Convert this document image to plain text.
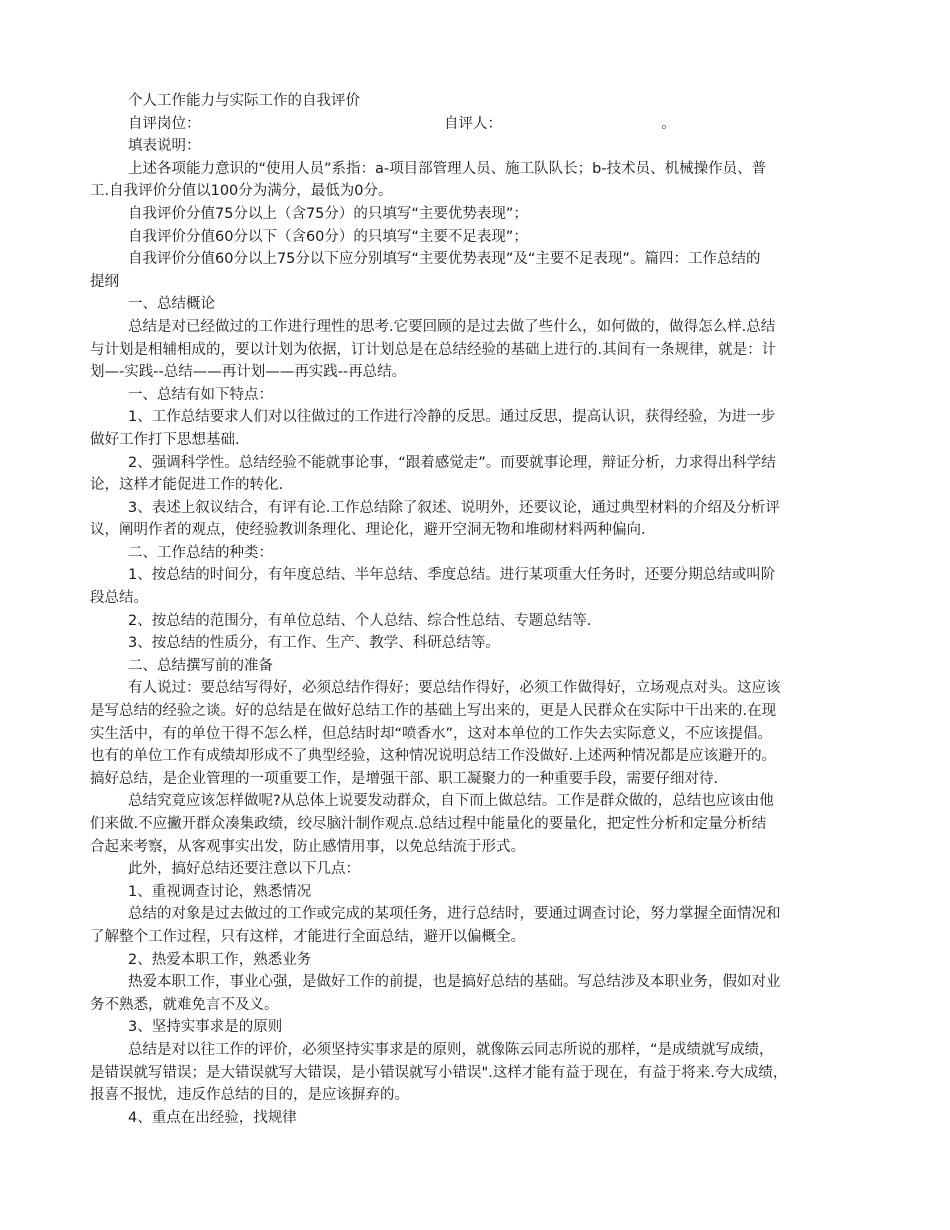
个人工作能力与实际工作的自我评价
自评岗位：	自评人：	。
填表说明：
上述各项能力意识的“使用人员”系指：a-项目部管理人员、施工队队长；b-技术员、机械操作员、普
工.自我评价分值以100分为满分，最低为0分。
自我评价分值75分以上（含75分）的只填写“主要优势表现”；
自我评价分值60分以下（含60分）的只填写“主要不足表现”；
自我评价分值60分以上75分以下应分别填写“主要优势表现”及“主要不足表现”。篇四：工作总结的
提纲
一、总结概论
总结是对已经做过的工作进行理性的思考.它要回顾的是过去做了些什么，如何做的，做得怎么样.总结
与计划是相辅相成的，要以计划为依据，订计划总是在总结经验的基础上进行的.其间有一条规律，就是：计
划—-实践--总结——再计划——再实践--再总结。
一、总结有如下特点：
1、工作总结要求人们对以往做过的工作进行冷静的反思。通过反思，提高认识，获得经验，为进一步
做好工作打下思想基础.
2、强调科学性。总结经验不能就事论事，“跟着感觉走”。而要就事论理，辩证分析，力求得出科学结
论，这样才能促进工作的转化.
3、表述上叙议结合，有评有论.工作总结除了叙述、说明外，还要议论，通过典型材料的介绍及分析评
议，阐明作者的观点，使经验教训条理化、理论化，避开空洞无物和堆砌材料两种偏向.
二、工作总结的种类：
1、按总结的时间分，有年度总结、半年总结、季度总结。进行某项重大任务时，还要分期总结或叫阶
段总结。
2、按总结的范围分，有单位总结、个人总结、综合性总结、专题总结等.
3、按总结的性质分，有工作、生产、教学、科研总结等。
二、总结撰写前的准备
有人说过：要总结写得好，必须总结作得好；要总结作得好，必须工作做得好，立场观点对头。这应该
是写总结的经验之谈。好的总结是在做好总结工作的基础上写出来的，更是人民群众在实际中干出来的.在现
实生活中，有的单位干得不怎么样，但总结时却“喷香水”，这对本单位的工作失去实际意义，不应该提倡。
也有的单位工作有成绩却形成不了典型经验，这种情况说明总结工作没做好.上述两种情况都是应该避开的。
搞好总结，是企业管理的一项重要工作，是增强干部、职工凝聚力的一种重要手段，需要仔细对待.
总结究竟应该怎样做呢?从总体上说要发动群众，自下而上做总结。工作是群众做的，总结也应该由他
们来做.不应撇开群众凑集政绩，绞尽脑汁制作观点.总结过程中能量化的要量化，把定性分析和定量分析结
合起来考察，从客观事实出发，防止感情用事，以免总结流于形式。
此外，搞好总结还要注意以下几点：
1、重视调查讨论，熟悉情况
总结的对象是过去做过的工作或完成的某项任务，进行总结时，要通过调查讨论，努力掌握全面情况和
了解整个工作过程，只有这样，才能进行全面总结，避开以偏概全。
2、热爱本职工作，熟悉业务
热爱本职工作，事业心强，是做好工作的前提，也是搞好总结的基础。写总结涉及本职业务，假如对业
务不熟悉，就难免言不及义。
3、坚持实事求是的原则
总结是对以往工作的评价，必须坚持实事求是的原则，就像陈云同志所说的那样，“是成绩就写成绩，
是错误就写错误；是大错误就写大错误，是小错误就写小错误".这样才能有益于现在，有益于将来.夸大成绩，
报喜不报忧，违反作总结的目的，是应该摒弃的。
4、重点在出经验，找规律
